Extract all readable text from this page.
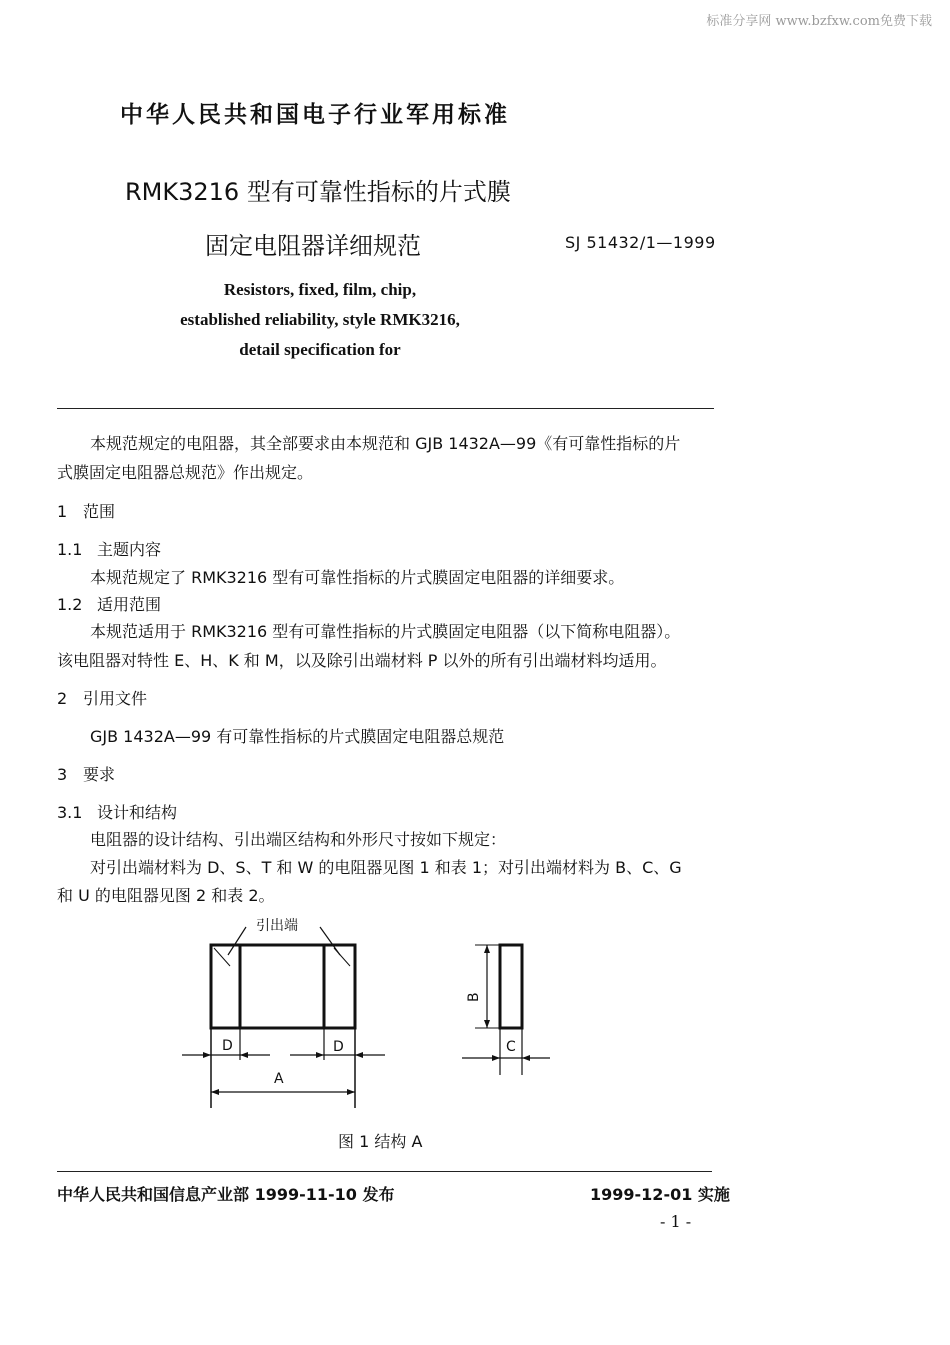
标准分享网 www.bzfxw.com免费下载
中华人民共和国电子行业军用标准
RMK3216 型有可靠性指标的片式膜
固定电阻器详细规范	SJ 51432/1—1999
Resistors, fixed, film, chip,
established reliability, style RMK3216,
detail specification for
本规范规定的电阻器，其全部要求由本规范和 GJB 1432A—99《有可靠性指标的片
式膜固定电阻器总规范》作出规定。
1 范围
1.1 主题内容
本规范规定了 RMK3216 型有可靠性指标的片式膜固定电阻器的详细要求。
1.2 适用范围
本规范适用于 RMK3216 型有可靠性指标的片式膜固定电阻器（以下简称电阻器）。
该电阻器对特性 E、H、K 和 M，以及除引出端材料 P 以外的所有引出端材料均适用。
2 引用文件
GJB 1432A—99 有可靠性指标的片式膜固定电阻器总规范
3 要求
3.1 设计和结构
电阻器的设计结构、引出端区结构和外形尺寸按如下规定：
对引出端材料为 D、S、T 和 W 的电阻器见图 1 和表 1；对引出端材料为 B、C、G
和 U 的电阻器见图 2 和表 2。
引出端
D	D
A
B
C
图 1 结构 A
中华人民共和国信息产业部 1999-11-10 发布	1999-12-01 实施
- 1 -
